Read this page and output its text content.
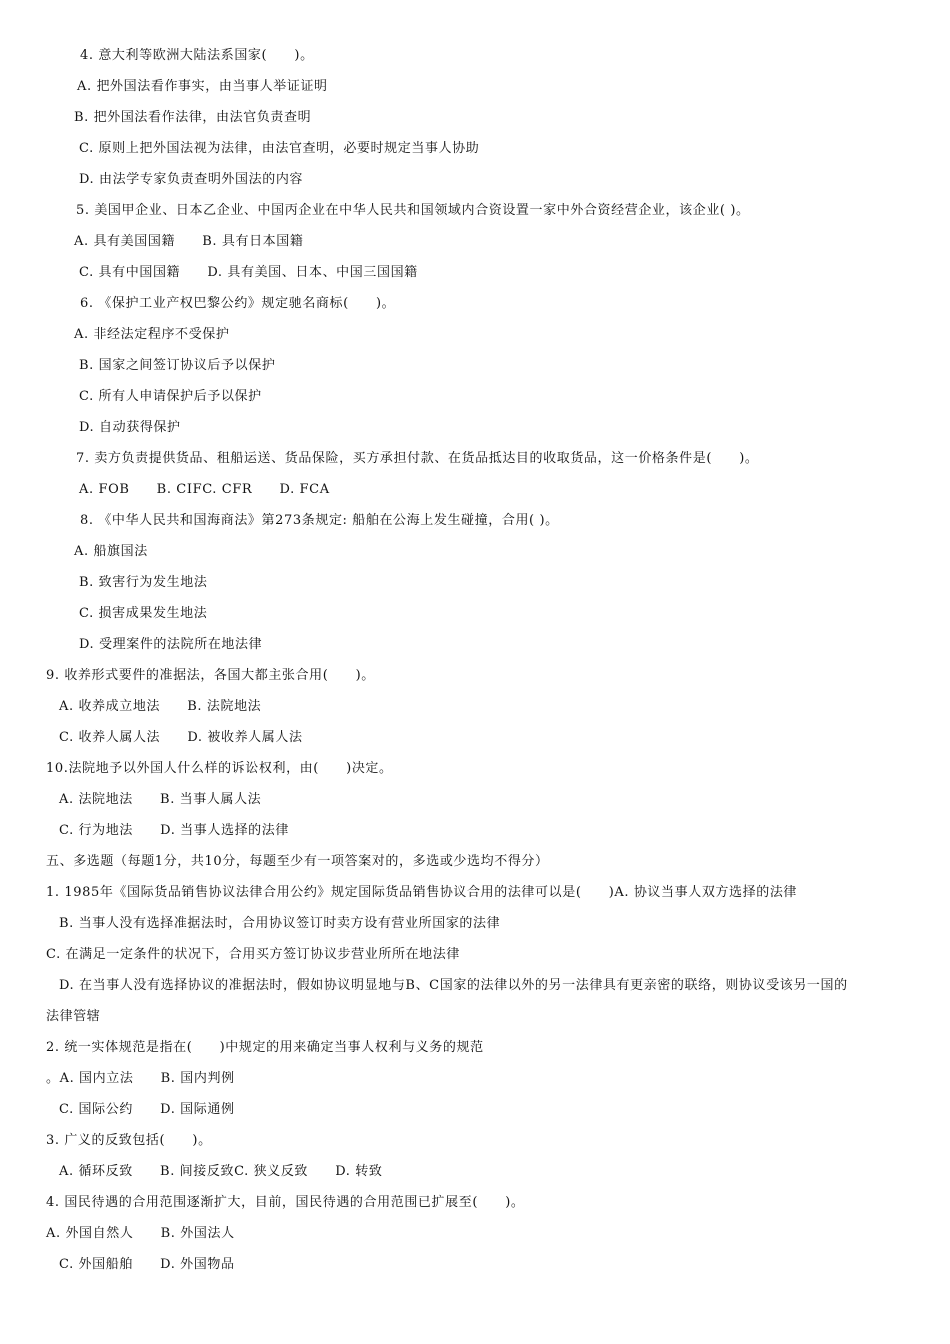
4. 意大利等欧洲大陆法系国家(　　)。
A. 把外国法看作事实，由当事人举证证明
B. 把外国法看作法律，由法官负责查明
C. 原则上把外国法视为法律，由法官查明，必要时规定当事人协助
D. 由法学专家负责查明外国法的内容
5. 美国甲企业、日本乙企业、中国丙企业在中华人民共和国领域内合资设置一家中外合资经营企业，该企业( )。
A. 具有美国国籍　　B. 具有日本国籍
C. 具有中国国籍　　D. 具有美国、日本、中国三国国籍
6. 《保护工业产权巴黎公约》规定驰名商标(　　)。
A. 非经法定程序不受保护
B. 国家之间签订协议后予以保护
C. 所有人申请保护后予以保护
D. 自动获得保护
7. 卖方负责提供货品、租船运送、货品保险，买方承担付款、在货品抵达目的收取货品，这一价格条件是(　　)。
A. FOB　　B. CIFC. CFR　　D. FCA
8. 《中华人民共和国海商法》第273条规定: 船舶在公海上发生碰撞，合用( )。
A. 船旗国法
B. 致害行为发生地法
C. 损害成果发生地法
D. 受理案件的法院所在地法律
9. 收养形式要件的准据法，各国大都主张合用(　　)。
A. 收养成立地法　　B. 法院地法
C. 收养人属人法　　D. 被收养人属人法
10.法院地予以外国人什么样的诉讼权利，由(　　)决定。
A. 法院地法　　B. 当事人属人法
C. 行为地法　　D. 当事人选择的法律
五、多选题（每题1分，共10分，每题至少有一项答案对的，多选或少选均不得分）
1. 1985年《国际货品销售协议法律合用公约》规定国际货品销售协议合用的法律可以是(　　)A. 协议当事人双方选择的法律
B. 当事人没有选择准据法时，合用协议签订时卖方设有营业所国家的法律
C. 在满足一定条件的状况下，合用买方签订协议步营业所所在地法律
D. 在当事人没有选择协议的准据法时，假如协议明显地与B、C国家的法律以外的另一法律具有更亲密的联络，则协议受该另一国的
法律管辖
2. 统一实体规范是指在(　　)中规定的用来确定当事人权利与义务的规范
。A. 国内立法　　B. 国内判例
C. 国际公约　　D. 国际通例
3. 广义的反致包括(　　)。
A. 循环反致　　B. 间接反致C. 狭义反致　　D. 转致
4. 国民待遇的合用范围逐渐扩大，目前，国民待遇的合用范围已扩展至(　　)。
A. 外国自然人　　B. 外国法人
C. 外国船舶　　D. 外国物品
